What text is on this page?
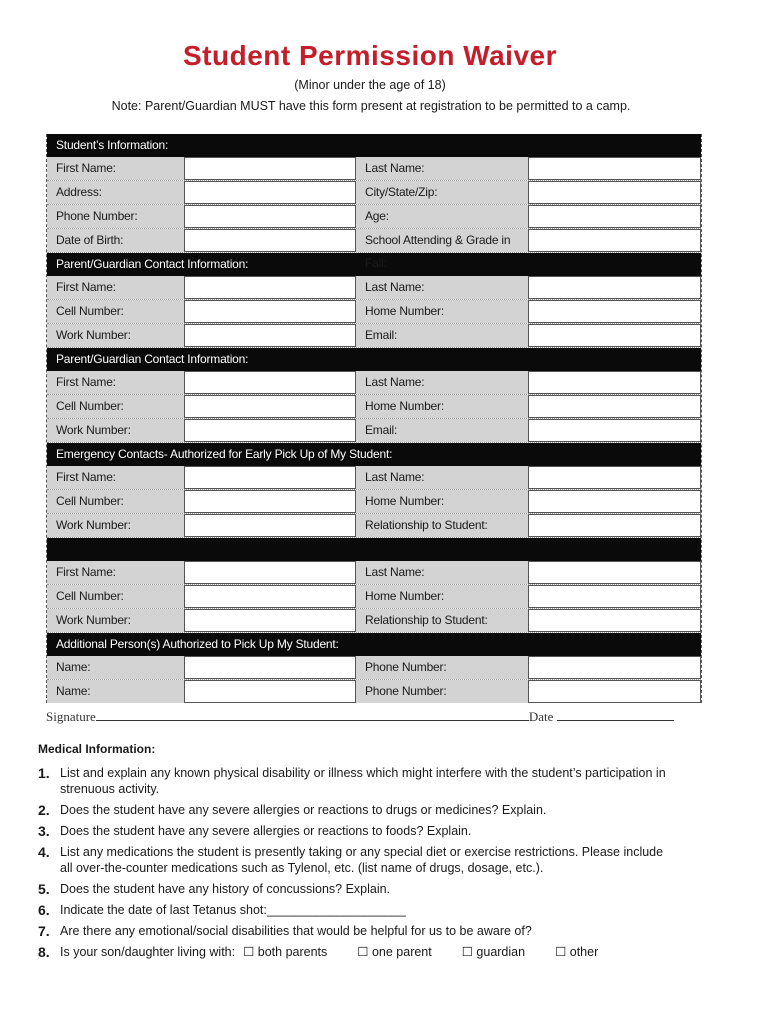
Student Permission Waiver
(Minor under the age of 18)
Note: Parent/Guardian MUST have this form present at registration to be permitted to a camp.
Student’s Information:
First Name:	Last Name:
Address:	City/State/Zip:
Phone Number:	Age:
Date of Birth:	School Attending & Grade in Fall:
Parent/Guardian Contact Information:
First Name:	Last Name:
Cell Number:	Home Number:
Work Number:	Email:
Parent/Guardian Contact Information:
First Name:	Last Name:
Cell Number:	Home Number:
Work Number:	Email:
Emergency Contacts- Authorized for Early Pick Up of My Student:
First Name:	Last Name:
Cell Number:	Home Number:
Work Number:	Relationship to Student:
First Name:	Last Name:
Cell Number:	Home Number:
Work Number:	Relationship to Student:
Additional Person(s) Authorized to Pick Up My Student:
Name:	Phone Number:
Name:	Phone Number:
Signature	Date
Medical Information:
1. List and explain any known physical disability or illness which might interfere with the student’s participation in strenuous activity.
2. Does the student have any severe allergies or reactions to drugs or medicines? Explain.
3. Does the student have any severe allergies or reactions to foods? Explain.
4. List any medications the student is presently taking or any special diet or exercise restrictions. Please include all over-the-counter medications such as Tylenol, etc. (list name of drugs, dosage, etc.).
5. Does the student have any history of concussions? Explain.
6. Indicate the date of last Tetanus shot:____________________
7. Are there any emotional/social disabilities that would be helpful for us to be aware of?
8. Is your son/daughter living with: ☐ both parents ☐ one parent ☐ guardian ☐ other
